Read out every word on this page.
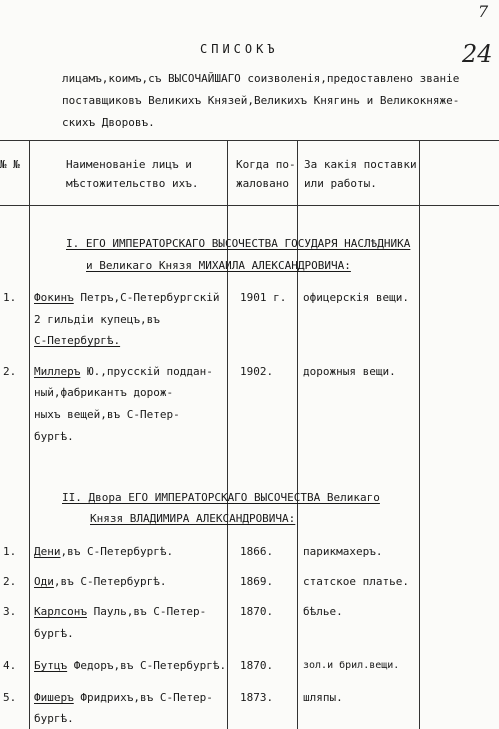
7
24
СПИСОКЪ
лицамъ,коимъ,съ ВЫСОЧАЙШАГО соизволенія,предоставлено званіе
поставщиковъ Великихъ Князей,Великихъ Княгинь и Великокняже-
скихъ Дворовъ.
№ №	Наименованіе лицъ и
мѣстожительство ихъ.
Когда по-
жаловано
За какія поставки
или работы.
I. ЕГО ИМПЕРАТОРСКАГО ВЫСОЧЕСТВА ГОСУДАРЯ НАСЛѢДНИКА
и Великаго Князя МИХАИЛА АЛЕКСАНДРОВИЧА:
1. Фокинъ Петръ,С-Петербургскій
2 гильдіи купецъ,въ
С-Петербургѣ.
1901 г. офицерскія вещи.
2. Миллеръ Ю.,прусскій поддан-
ный,фабрикантъ дорож-
ныхъ вещей,въ С-Петер-
бургѣ.
1902.	дорожныя вещи.
II. Двора ЕГО ИМПЕРАТОРСКАГО ВЫСОЧЕСТВА Великаго
Князя ВЛАДИМИРА АЛЕКСАНДРОВИЧА:
1. Дени,въ С-Петербургѣ.	1866.	парикмахеръ.
2. Оди,въ С-Петербургѣ.	1869.	статское платье.
3. Карлсонъ Пауль,въ С-Петер-
бургѣ.
1870.	бѣлье.
4. Бутцъ Федоръ,въ С-Петербургѣ. 1870.	зол.и брил.вещи.
5. Фишеръ Фридрихъ,въ С-Петер-
бургѣ.
1873.	шляпы.
